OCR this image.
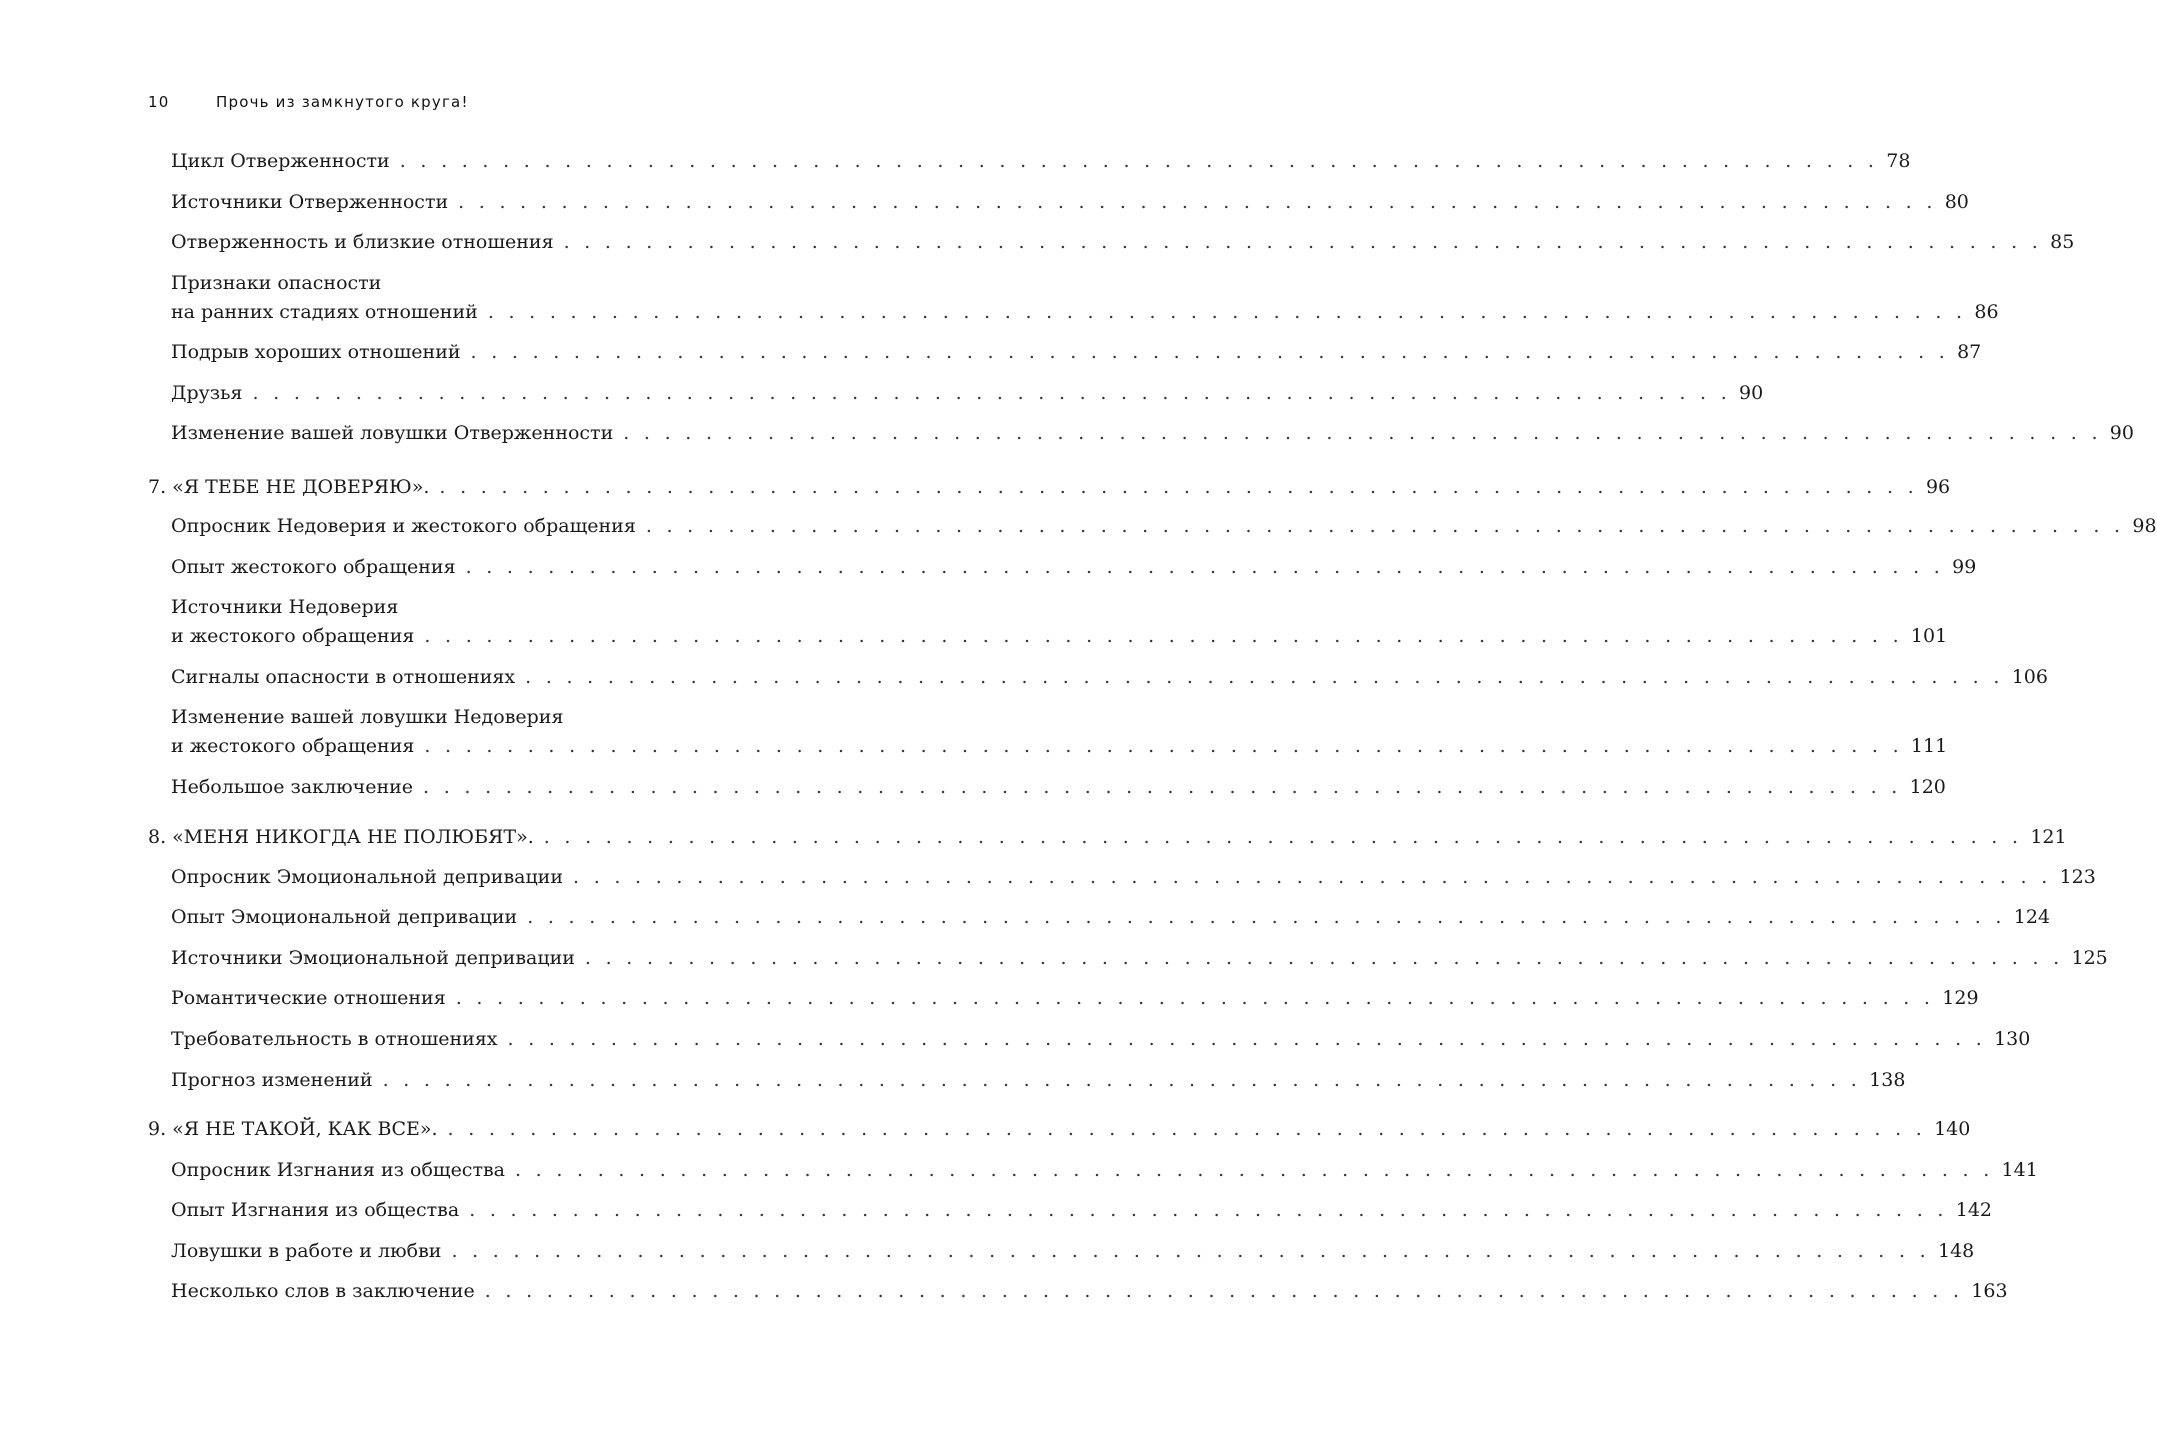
10	Прочь из замкнутого круга!
Цикл Отверженности . . . . . . . . . . . . . . . . . . . . . . . . . . . . . . . . . . . . . . . . . . . . . . . . . . . . . . . . . . . . . . . . . . . . . . . . 78
Источники Отверженности . . . . . . . . . . . . . . . . . . . . . . . . . . . . . . . . . . . . . . . . . . . . . . . . . . . . . . . . . . . . . . . . . . . . . . . . 80
Отверженность и близкие отношения . . . . . . . . . . . . . . . . . . . . . . . . . . . . . . . . . . . . . . . . . . . . . . . . . . . . . . . . . . . . . . . . . . . . . . . . 85
Признаки опасности
на ранних стадиях отношений . . . . . . . . . . . . . . . . . . . . . . . . . . . . . . . . . . . . . . . . . . . . . . . . . . . . . . . . . . . . . . . . . . . . . . . . 86
Подрыв хороших отношений . . . . . . . . . . . . . . . . . . . . . . . . . . . . . . . . . . . . . . . . . . . . . . . . . . . . . . . . . . . . . . . . . . . . . . . . 87
Друзья . . . . . . . . . . . . . . . . . . . . . . . . . . . . . . . . . . . . . . . . . . . . . . . . . . . . . . . . . . . . . . . . . . . . . . . . 90
Изменение вашей ловушки Отверженности . . . . . . . . . . . . . . . . . . . . . . . . . . . . . . . . . . . . . . . . . . . . . . . . . . . . . . . . . . . . . . . . . . . . . . . . 90
7. «Я ТЕБЕ НЕ ДОВЕРЯЮ». . . . . . . . . . . . . . . . . . . . . . . . . . . . . . . . . . . . . . . . . . . . . . . . . . . . . . . . . . . . . . . . . . . . . . . . . 96
Опросник Недоверия и жестокого обращения . . . . . . . . . . . . . . . . . . . . . . . . . . . . . . . . . . . . . . . . . . . . . . . . . . . . . . . . . . . . . . . . . . . . . . . . 98
Опыт жестокого обращения . . . . . . . . . . . . . . . . . . . . . . . . . . . . . . . . . . . . . . . . . . . . . . . . . . . . . . . . . . . . . . . . . . . . . . . . 99
Источники Недоверия
и жестокого обращения . . . . . . . . . . . . . . . . . . . . . . . . . . . . . . . . . . . . . . . . . . . . . . . . . . . . . . . . . . . . . . . . . . . . . . . . 101
Сигналы опасности в отношениях . . . . . . . . . . . . . . . . . . . . . . . . . . . . . . . . . . . . . . . . . . . . . . . . . . . . . . . . . . . . . . . . . . . . . . . . 106
Изменение вашей ловушки Недоверия
и жестокого обращения . . . . . . . . . . . . . . . . . . . . . . . . . . . . . . . . . . . . . . . . . . . . . . . . . . . . . . . . . . . . . . . . . . . . . . . . 111
Небольшое заключение . . . . . . . . . . . . . . . . . . . . . . . . . . . . . . . . . . . . . . . . . . . . . . . . . . . . . . . . . . . . . . . . . . . . . . . . 120
8. «МЕНЯ НИКОГДА НЕ ПОЛЮБЯТ». . . . . . . . . . . . . . . . . . . . . . . . . . . . . . . . . . . . . . . . . . . . . . . . . . . . . . . . . . . . . . . . . . . . . . . . . 121
Опросник Эмоциональной депривации . . . . . . . . . . . . . . . . . . . . . . . . . . . . . . . . . . . . . . . . . . . . . . . . . . . . . . . . . . . . . . . . . . . . . . . . 123
Опыт Эмоциональной депривации . . . . . . . . . . . . . . . . . . . . . . . . . . . . . . . . . . . . . . . . . . . . . . . . . . . . . . . . . . . . . . . . . . . . . . . . 124
Источники Эмоциональной депривации . . . . . . . . . . . . . . . . . . . . . . . . . . . . . . . . . . . . . . . . . . . . . . . . . . . . . . . . . . . . . . . . . . . . . . . . 125
Романтические отношения . . . . . . . . . . . . . . . . . . . . . . . . . . . . . . . . . . . . . . . . . . . . . . . . . . . . . . . . . . . . . . . . . . . . . . . . 129
Требовательность в отношениях . . . . . . . . . . . . . . . . . . . . . . . . . . . . . . . . . . . . . . . . . . . . . . . . . . . . . . . . . . . . . . . . . . . . . . . . 130
Прогноз изменений . . . . . . . . . . . . . . . . . . . . . . . . . . . . . . . . . . . . . . . . . . . . . . . . . . . . . . . . . . . . . . . . . . . . . . . . 138
9. «Я НЕ ТАКОЙ, КАК ВСЕ». . . . . . . . . . . . . . . . . . . . . . . . . . . . . . . . . . . . . . . . . . . . . . . . . . . . . . . . . . . . . . . . . . . . . . . . . 140
Опросник Изгнания из общества . . . . . . . . . . . . . . . . . . . . . . . . . . . . . . . . . . . . . . . . . . . . . . . . . . . . . . . . . . . . . . . . . . . . . . . . 141
Опыт Изгнания из общества . . . . . . . . . . . . . . . . . . . . . . . . . . . . . . . . . . . . . . . . . . . . . . . . . . . . . . . . . . . . . . . . . . . . . . . . 142
Ловушки в работе и любви . . . . . . . . . . . . . . . . . . . . . . . . . . . . . . . . . . . . . . . . . . . . . . . . . . . . . . . . . . . . . . . . . . . . . . . . 148
Несколько слов в заключение . . . . . . . . . . . . . . . . . . . . . . . . . . . . . . . . . . . . . . . . . . . . . . . . . . . . . . . . . . . . . . . . . . . . . . . . 163
